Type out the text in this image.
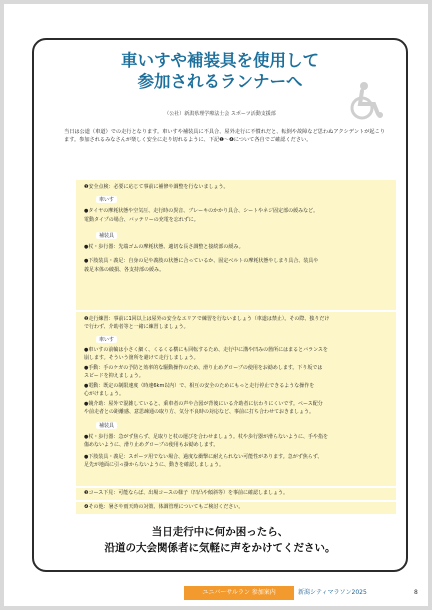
車いすや補装具を使用して
参加されるランナーへ
（公社）新潟県理学療法士会 スポーツ活動支援部
当日は公道（車道）での走行となります。車いすや補装具に不具合、屋外走行に不慣れだと、転倒や故障など思わぬアクシデントが起こります。参加されるみなさんが楽しく安全に走り切れるように、下記❶～❹について各自でご確認ください。
❶安全点検：必要に応じて事前に補修や調整を行ないましょう。
車いす
●タイヤの摩耗状態や空気圧、走行時の異音、ブレーキのかかり具合、シートやネジ固定部の緩みなど。
電動タイプの場合、バッテリーの充電を忘れずに。
補装具
●杖・歩行器：先端ゴムの摩耗状態、適切な長さ調整と接続部の緩み。
●下肢装具・義足：自身の足や義肢の状態に合っているか、固定ベルトの摩耗状態やしまり具合、装具や
義足本体の破損、各支持部の緩み。
❷走行練習：事前に1回以上は屋外の安全なエリアで練習を行ないましょう（車道は禁止）。その際、独りだけ
で行わず、介助者等と一緒に練習しましょう。
車いす
●車いすの前輪は小さく細く、くるくる横にも回転するため、走行中に溝や凹みの箇所にはまるとバランスを
崩します。そういう箇所を避けて走行しましょう。
●手動：手のケガの予防と効率的な駆動操作のため、滑り止めグローブの使用をお勧めします。下り坂では
スピードを抑えましょう。
●電動：既定の制限速度（時速6km以内）で、相互の安全のためにもっと走行停止できるような操作を
心がけましょう。
●競介助：屋外で混雑していると、乗車者の声や合図が背後にいる介助者に伝わりにくいです。ペース配分
や前走者との距離感、意思疎通の取り方、気分不良時の対応など、事前に打ち合わせておきましょう。
補装具
●杖・歩行器：急がず焦らず、足取りと杖の運びを合わせましょう。杖や歩行器が滑らないように、手や指を
傷めないように、滑り止めグローブの使用もお勧めします。
●下肢装具・義足：スポーツ用でない場合、過度な衝撃に耐えられない可能性があります。急がず焦らず、
足先が地面に引っ掛からないように、動きを確認しましょう。
❸コース下見：可能ならば、出場コースの様子（凹凸や傾斜等）を事前に確認しましょう。
❹その他：暑さや雨天時の対策、体調管理についてもご検討ください。
当日走行中に何か困ったら、
沿道の大会関係者に気軽に声をかけてください。
ユニバーサルラン 参加案内	新潟シティマラソン2025	8
